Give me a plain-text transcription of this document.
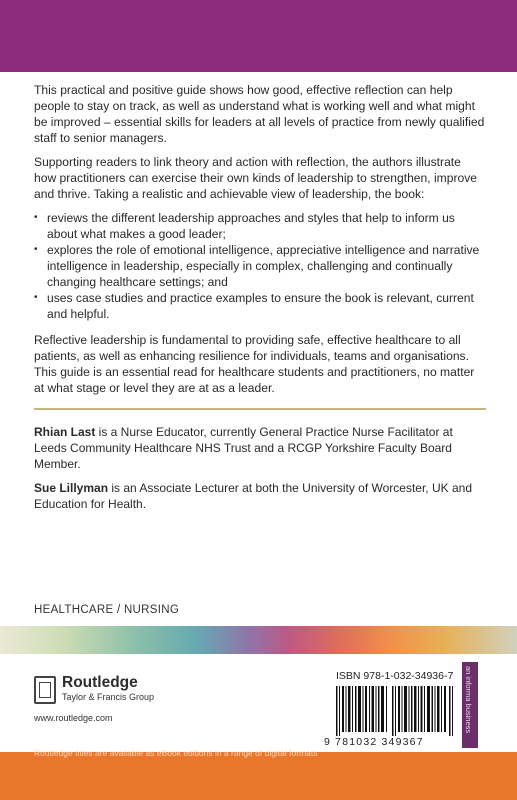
This practical and positive guide shows how good, effective reflection can help people to stay on track, as well as understand what is working well and what might be improved – essential skills for leaders at all levels of practice from newly qualified staff to senior managers.

Supporting readers to link theory and action with reflection, the authors illustrate how practitioners can exercise their own kinds of leadership to strengthen, improve and thrive. Taking a realistic and achievable view of leadership, the book:

• reviews the different leadership approaches and styles that help to inform us about what makes a good leader;
• explores the role of emotional intelligence, appreciative intelligence and narrative intelligence in leadership, especially in complex, challenging and continually changing healthcare settings; and
• uses case studies and practice examples to ensure the book is relevant, current and helpful.

Reflective leadership is fundamental to providing safe, effective healthcare to all patients, as well as enhancing resilience for individuals, teams and organisations. This guide is an essential read for healthcare students and practitioners, no matter at what stage or level they are at as a leader.

Rhian Last is a Nurse Educator, currently General Practice Nurse Facilitator at Leeds Community Healthcare NHS Trust and a RCGP Yorkshire Faculty Board Member.

Sue Lillyman is an Associate Lecturer at both the University of Worcester, UK and Education for Health.

HEALTHCARE / NURSING
Routledge
Taylor & Francis Group
www.routledge.com
ISBN 978-1-032-34936-7
9 781032 349367
an informa business
Routledge titles are available as eBook editions in a range of digital formats
